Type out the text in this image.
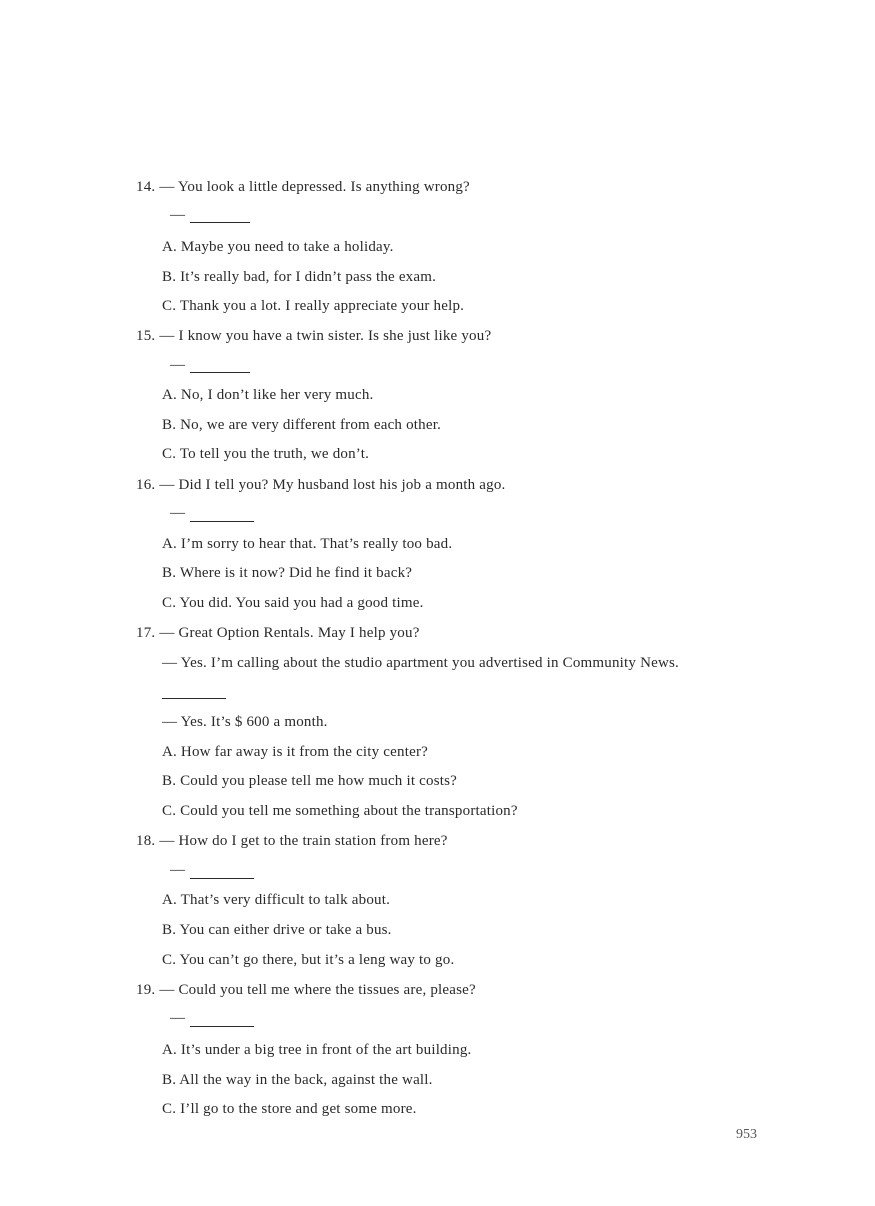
14. — You look a little depressed. Is anything wrong?
—
A. Maybe you need to take a holiday.
B. It’s really bad, for I didn’t pass the exam.
C. Thank you a lot. I really appreciate your help.
15. — I know you have a twin sister. Is she just like you?
—
A. No, I don’t like her very much.
B. No, we are very different from each other.
C. To tell you the truth, we don’t.
16. — Did I tell you? My husband lost his job a month ago.
—
A. I’m sorry to hear that. That’s really too bad.
B. Where is it now? Did he find it back?
C. You did. You said you had a good time.
17. — Great Option Rentals. May I help you?
— Yes. I’m calling about the studio apartment you advertised in Community News.
— Yes. It’s $ 600 a month.
A. How far away is it from the city center?
B. Could you please tell me how much it costs?
C. Could you tell me something about the transportation?
18. — How do I get to the train station from here?
—
A. That’s very difficult to talk about.
B. You can either drive or take a bus.
C. You can’t go there, but it’s a leng way to go.
19. — Could you tell me where the tissues are, please?
—
A. It’s under a big tree in front of the art building.
B. All the way in the back, against the wall.
C. I’ll go to the store and get some more.
953
